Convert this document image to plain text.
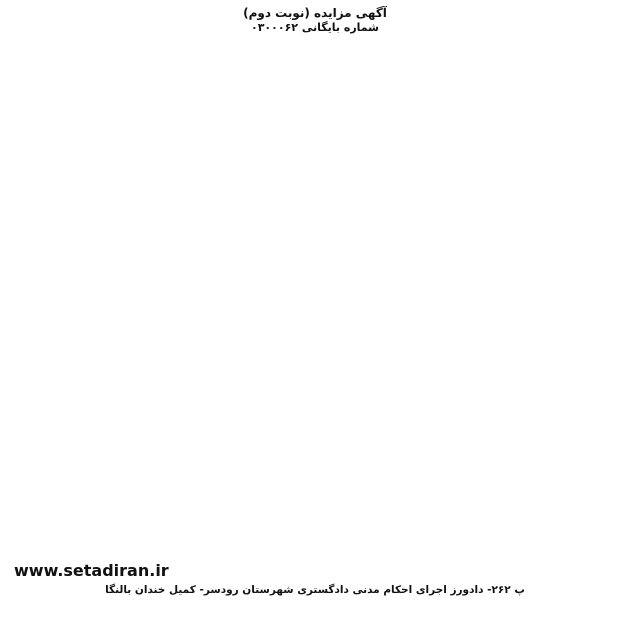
آگهی مزایده (نوبت دوم)

شماره بایگانی ۰۳۰۰۰۶۲

www.setadiran.ir
پ ۲۶۲- دادورز اجرای احکام مدنی دادگستری شهرستان رودسر- کمیل خندان بالنگا
